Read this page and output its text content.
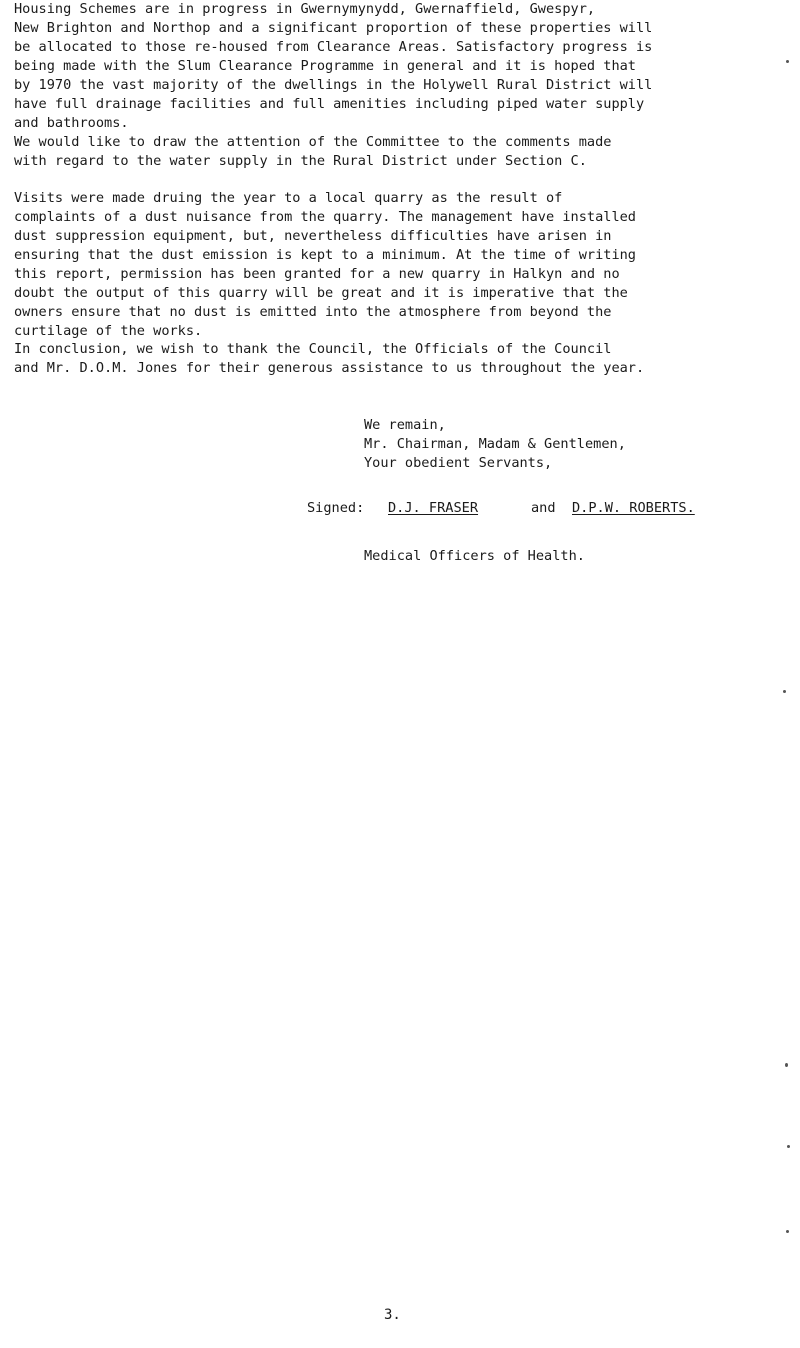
Housing Schemes are in progress in Gwernymynydd, Gwernaffield, Gwespyr,
New Brighton and Northop and a significant proportion of these properties will
be allocated to those re-housed from Clearance Areas. Satisfactory progress is
being made with the Slum Clearance Programme in general and it is hoped that
by 1970 the vast majority of the dwellings in the Holywell Rural District will
have full drainage facilities and full amenities including piped water supply
and bathrooms.
We would like to draw the attention of the Committee to the comments made
with regard to the water supply in the Rural District under Section C.
Visits were made druing the year to a local quarry as the result of
complaints of a dust nuisance from the quarry. The management have installed
dust suppression equipment, but, nevertheless difficulties have arisen in
ensuring that the dust emission is kept to a minimum. At the time of writing
this report, permission has been granted for a new quarry in Halkyn and no
doubt the output of this quarry will be great and it is imperative that the
owners ensure that no dust is emitted into the atmosphere from beyond the
curtilage of the works.
In conclusion, we wish to thank the Council, the Officials of the Council
and Mr. D.O.M. Jones for their generous assistance to us throughout the year.
We remain,
Mr. Chairman, Madam & Gentlemen,
Your obedient Servants,
Signed: D.J. FRASER	and D.P.W. ROBERTS.
Medical Officers of Health.
3.
